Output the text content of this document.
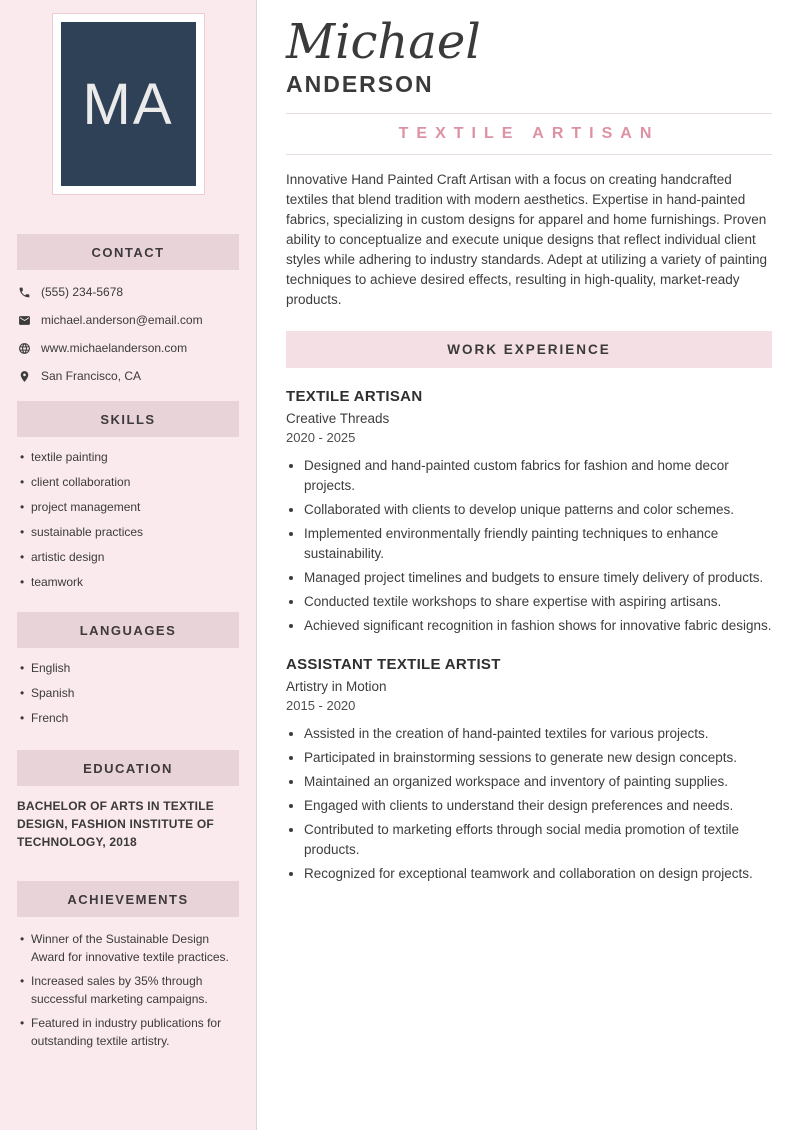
MA
CONTACT
(555) 234-5678
michael.anderson@email.com
www.michaelanderson.com
San Francisco, CA
SKILLS
• textile painting
• client collaboration
• project management
• sustainable practices
• artistic design
• teamwork
LANGUAGES
• English
• Spanish
• French
EDUCATION
BACHELOR OF ARTS IN TEXTILE DESIGN, FASHION INSTITUTE OF TECHNOLOGY, 2018
ACHIEVEMENTS
• Winner of the Sustainable Design Award for innovative textile practices.
• Increased sales by 35% through successful marketing campaigns.
• Featured in industry publications for outstanding textile artistry.
Michael
ANDERSON
TEXTILE ARTISAN

Innovative Hand Painted Craft Artisan with a focus on creating handcrafted textiles that blend tradition with modern aesthetics. Expertise in hand-painted fabrics, specializing in custom designs for apparel and home furnishings. Proven ability to conceptualize and execute unique designs that reflect individual client styles while adhering to industry standards. Adept at utilizing a variety of painting techniques to achieve desired effects, resulting in high-quality, market-ready products.

WORK EXPERIENCE
TEXTILE ARTISAN

Creative Threads

2020 - 2025

• Designed and hand-painted custom fabrics for fashion and home decor projects.
• Collaborated with clients to develop unique patterns and color schemes.
• Implemented environmentally friendly painting techniques to enhance sustainability.
• Managed project timelines and budgets to ensure timely delivery of products.
• Conducted textile workshops to share expertise with aspiring artisans.
• Achieved significant recognition in fashion shows for innovative fabric designs.
ASSISTANT TEXTILE ARTIST

Artistry in Motion

2015 - 2020

• Assisted in the creation of hand-painted textiles for various projects.
• Participated in brainstorming sessions to generate new design concepts.
• Maintained an organized workspace and inventory of painting supplies.
• Engaged with clients to understand their design preferences and needs.
• Contributed to marketing efforts through social media promotion of textile products.
• Recognized for exceptional teamwork and collaboration on design projects.
